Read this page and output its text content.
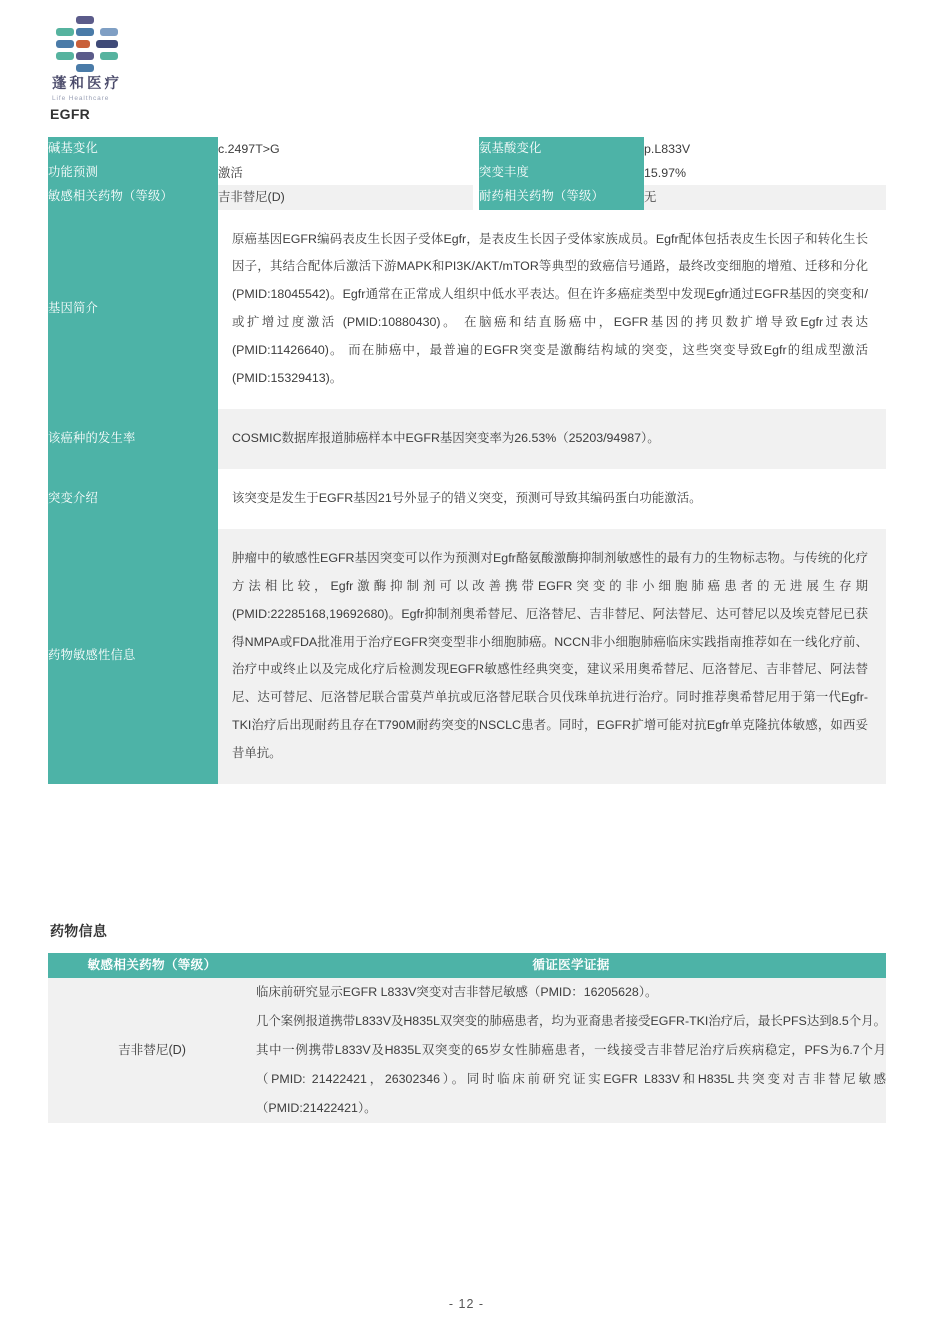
蓬和医疗
Life Healthcare
EGFR
碱基变化	c.2497T>G		氨基酸变化	p.L833V
功能预测	激活		突变丰度	15.97%
敏感相关药物（等级）	吉非替尼(D)		耐药相关药物（等级）	无
基因简介	原癌基因EGFR编码表皮生长因子受体Egfr，是表皮生长因子受体家族成员。Egfr配体包括表皮生长因子和转化生长因子，其结合配体后激活下游MAPK和PI3K/AKT/mTOR等典型的致癌信号通路，最终改变细胞的增殖、迁移和分化 (PMID:18045542)。Egfr通常在正常成人组织中低水平表达。但在许多癌症类型中发现Egfr通过EGFR基因的突变和/或扩增过度激活 (PMID:10880430)。 在脑癌和结直肠癌中，EGFR基因的拷贝数扩增导致Egfr过表达 (PMID:11426640)。 而在肺癌中，最普遍的EGFR突变是激酶结构域的突变，这些突变导致Egfr的组成型激活 (PMID:15329413)。			
该癌种的发生率	COSMIC数据库报道肺癌样本中EGFR基因突变率为26.53%（25203/94987）。			
突变介绍	该突变是发生于EGFR基因21号外显子的错义突变，预测可导致其编码蛋白功能激活。			
药物敏感性信息	肿瘤中的敏感性EGFR基因突变可以作为预测对Egfr酪氨酸激酶抑制剂敏感性的最有力的生物标志物。与传统的化疗方法相比较，Egfr激酶抑制剂可以改善携带EGFR突变的非小细胞肺癌患者的无进展生存期 (PMID:22285168,19692680)。Egfr抑制剂奥希替尼、厄洛替尼、吉非替尼、阿法替尼、达可替尼以及埃克替尼已获得NMPA或FDA批准用于治疗EGFR突变型非小细胞肺癌。NCCN非小细胞肺癌临床实践指南推荐如在一线化疗前、治疗中或终止以及完成化疗后检测发现EGFR敏感性经典突变，建议采用奥希替尼、厄洛替尼、吉非替尼、阿法替尼、达可替尼、厄洛替尼联合雷莫芦单抗或厄洛替尼联合贝伐珠单抗进行治疗。同时推荐奥希替尼用于第一代Egfr-TKI治疗后出现耐药且存在T790M耐药突变的NSCLC患者。同时，EGFR扩增可能对抗Egfr单克隆抗体敏感，如西妥昔单抗。			
药物信息
敏感相关药物（等级）	循证医学证据
吉非替尼(D)	临床前研究显示EGFR L833V突变对吉非替尼敏感（PMID：16205628）。

几个案例报道携带L833V及H835L双突变的肺癌患者，均为亚裔患者接受EGFR-TKI治疗后，最长PFS达到8.5个月。其中一例携带L833V及H835L双突变的65岁女性肺癌患者，一线接受吉非替尼治疗后疾病稳定，PFS为6.7个月（PMID: 21422421，26302346）。同时临床前研究证实EGFR L833V和H835L共突变对吉非替尼敏感（PMID:21422421）。

- 12 -
